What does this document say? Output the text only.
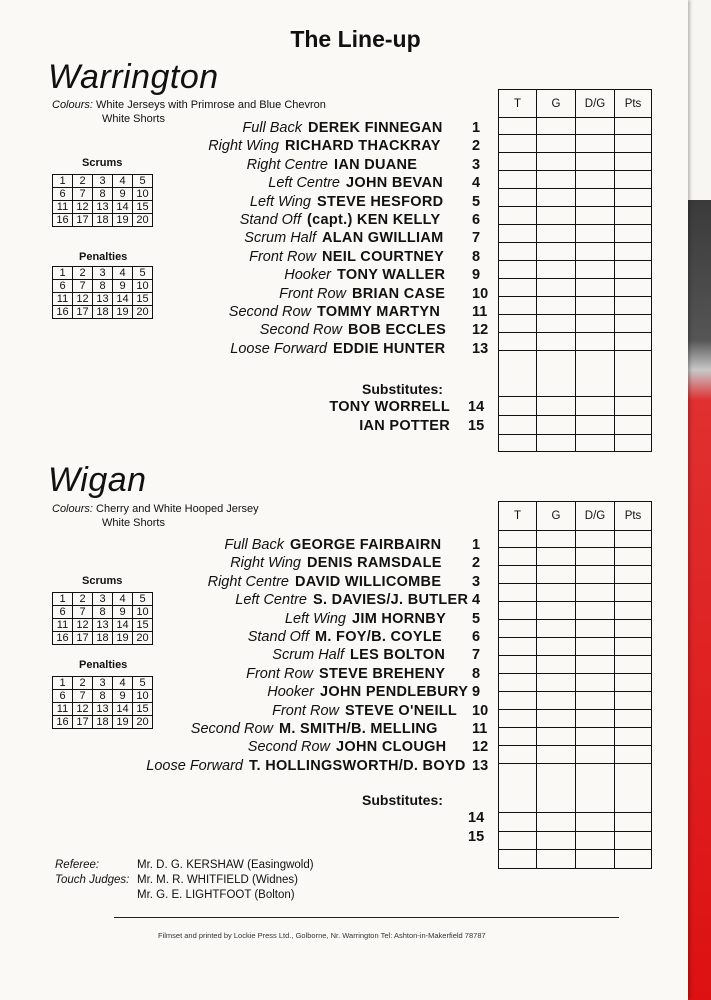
The Line-up
Warrington
Colours: White Jerseys with Primrose and Blue Chevron
White Shorts
Scrums
1	2	3	4	5
6	7	8	9	10
11	12	13	14	15
16	17	18	19	20
Penalties
1	2	3	4	5
6	7	8	9	10
11	12	13	14	15
16	17	18	19	20
Full Back DEREK FINNEGAN 1
Right Wing RICHARD THACKRAY 2
Right Centre IAN DUANE	3
Left Centre JOHN BEVAN 4
Left Wing STEVE HESFORD 5
Stand Off (capt.) KEN KELLY 6
Scrum Half ALAN GWILLIAM 7
Front Row NEIL COURTNEY 8
Hooker TONY WALLER 9
Front Row BRIAN CASE 10
Second Row TOMMY MARTYN 11
Second Row BOB ECCLES 12
Loose Forward EDDIE HUNTER 13
Substitutes:
TONY WORRELL 14
IAN POTTER 15
T	G	D/G	Pts

Wigan
Colours: Cherry and White Hooped Jersey
White Shorts
Scrums
1	2	3	4	5
6	7	8	9	10
11	12	13	14	15
16	17	18	19	20
Penalties
1	2	3	4	5
6	7	8	9	10
11	12	13	14	15
16	17	18	19	20
Full Back GEORGE FAIRBAIRN 1
Right Wing DENIS RAMSDALE 2
Right Centre DAVID WILLICOMBE 3
Left Centre S. DAVIES/J. BUTLER 4
Left Wing JIM HORNBY 5
Stand Off M. FOY/B. COYLE 6
Scrum Half LES BOLTON 7
Front Row STEVE BREHENY 8
Hooker JOHN PENDLEBURY 9
Front Row STEVE O'NEILL 10
Second Row M. SMITH/B. MELLING 11
Second Row JOHN CLOUGH 12
Loose Forward T. HOLLINGSWORTH/D. BOYD 13
Substitutes:
14
15
T	G	D/G	Pts

Referee:	Mr. D. G. KERSHAW (Easingwold)
Touch Judges: Mr. M. R. WHITFIELD (Widnes)
Mr. G. E. LIGHTFOOT (Bolton)
Filmset and printed by Lockie Press Ltd., Golborne, Nr. Warrington Tel: Ashton-in-Makerfield 78787
